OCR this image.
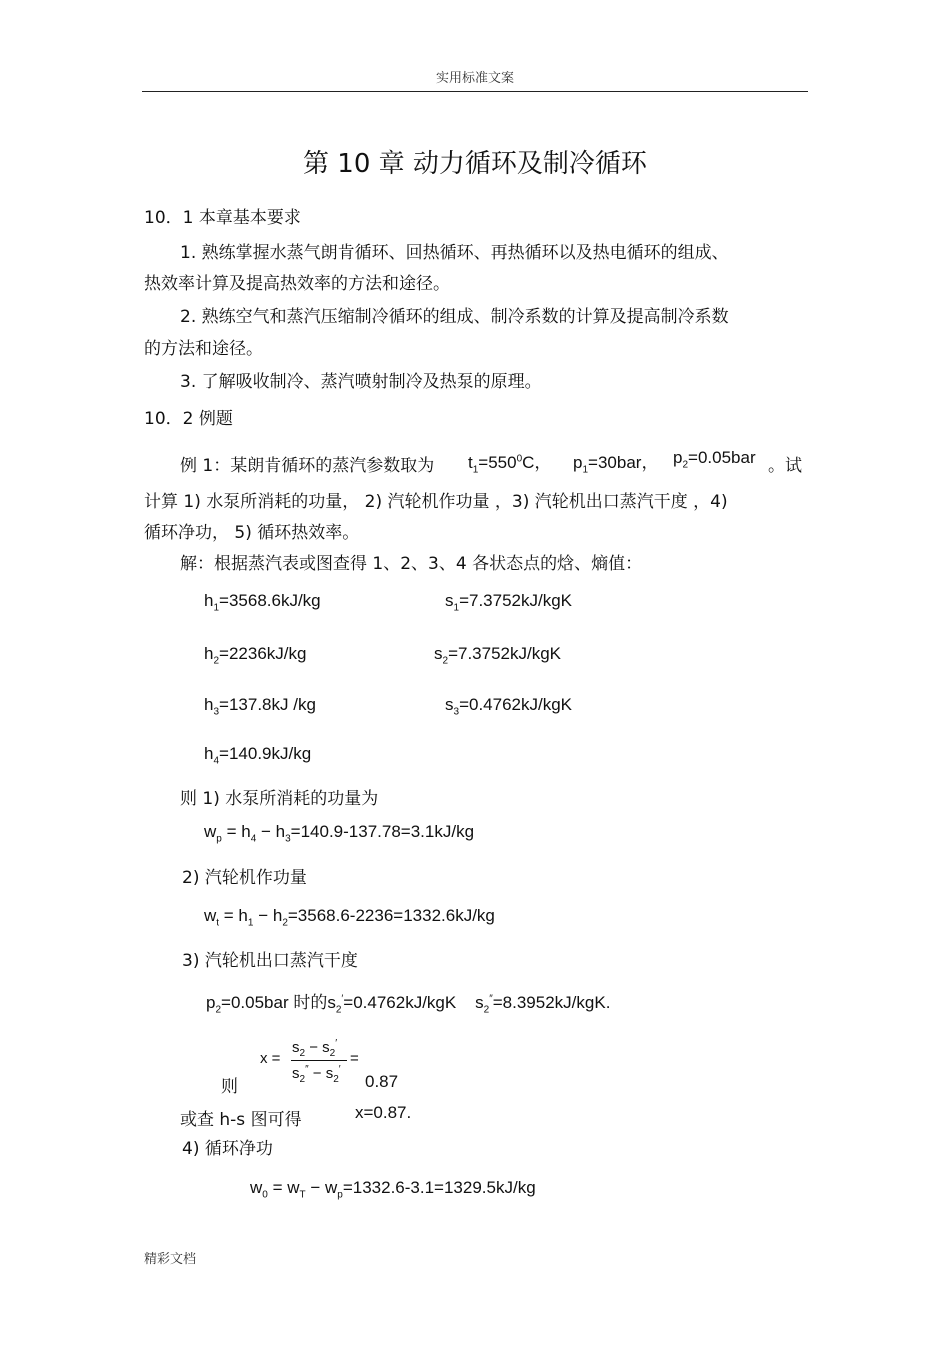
实用标准文案
第 10 章 动力循环及制冷循环
10．1 本章基本要求
1. 熟练掌握水蒸气朗肯循环、回热循环、再热循环以及热电循环的组成、
热效率计算及提高热效率的方法和途径。
2. 熟练空气和蒸汽压缩制冷循环的组成、制冷系数的计算及提高制冷系数
的方法和途径。
3. 了解吸收制冷、蒸汽喷射制冷及热泵的原理。
10．2 例题
例 1：某朗肯循环的蒸汽参数取为 $t_1=550^0C$， $p_1=30bar$， $p_2=0.05bar$ 。试
计算 1) 水泵所消耗的功量， 2) 汽轮机作功量 ，3) 汽轮机出口蒸汽干度 ，4)
循环净功， 5) 循环热效率。
解：根据蒸汽表或图查得 1、2、3、4 各状态点的焓、熵值：
$h_1=3568.6kJ/kg$	$s_1=7.3752kJ$/kgK
$h_2=2236kJ/kg$	$s_2=7.3752kJ$/kgK
$h_3=137.8kJ$ /kg	$s_3=0.4762kJ$/kgK
$h_4=140.9kJ/kg$
则 1) 水泵所消耗的功量为
$w_p = h_4 - h_3=140.9-137.78=3.1kJ/kg$
2) 汽轮机作功量
$w_t = h_1 - h_2=3568.6-2236=1332.6kJ/kg$
3) 汽轮机出口蒸汽干度
$p_2=0.05bar$ 时的$s_2'=0.4762kJ$/kgK    $s_2''=8.3952kJ$/kgK.
x =
$s_2 - s_2'$
$s_2'' - s_2'$
=
则	0.87
或查 h-s 图可得	x=0.87.
4) 循环净功
$w_0 = w_T - w_p=1332.6-3.1=1329.5kJ/kg$
精彩文档
